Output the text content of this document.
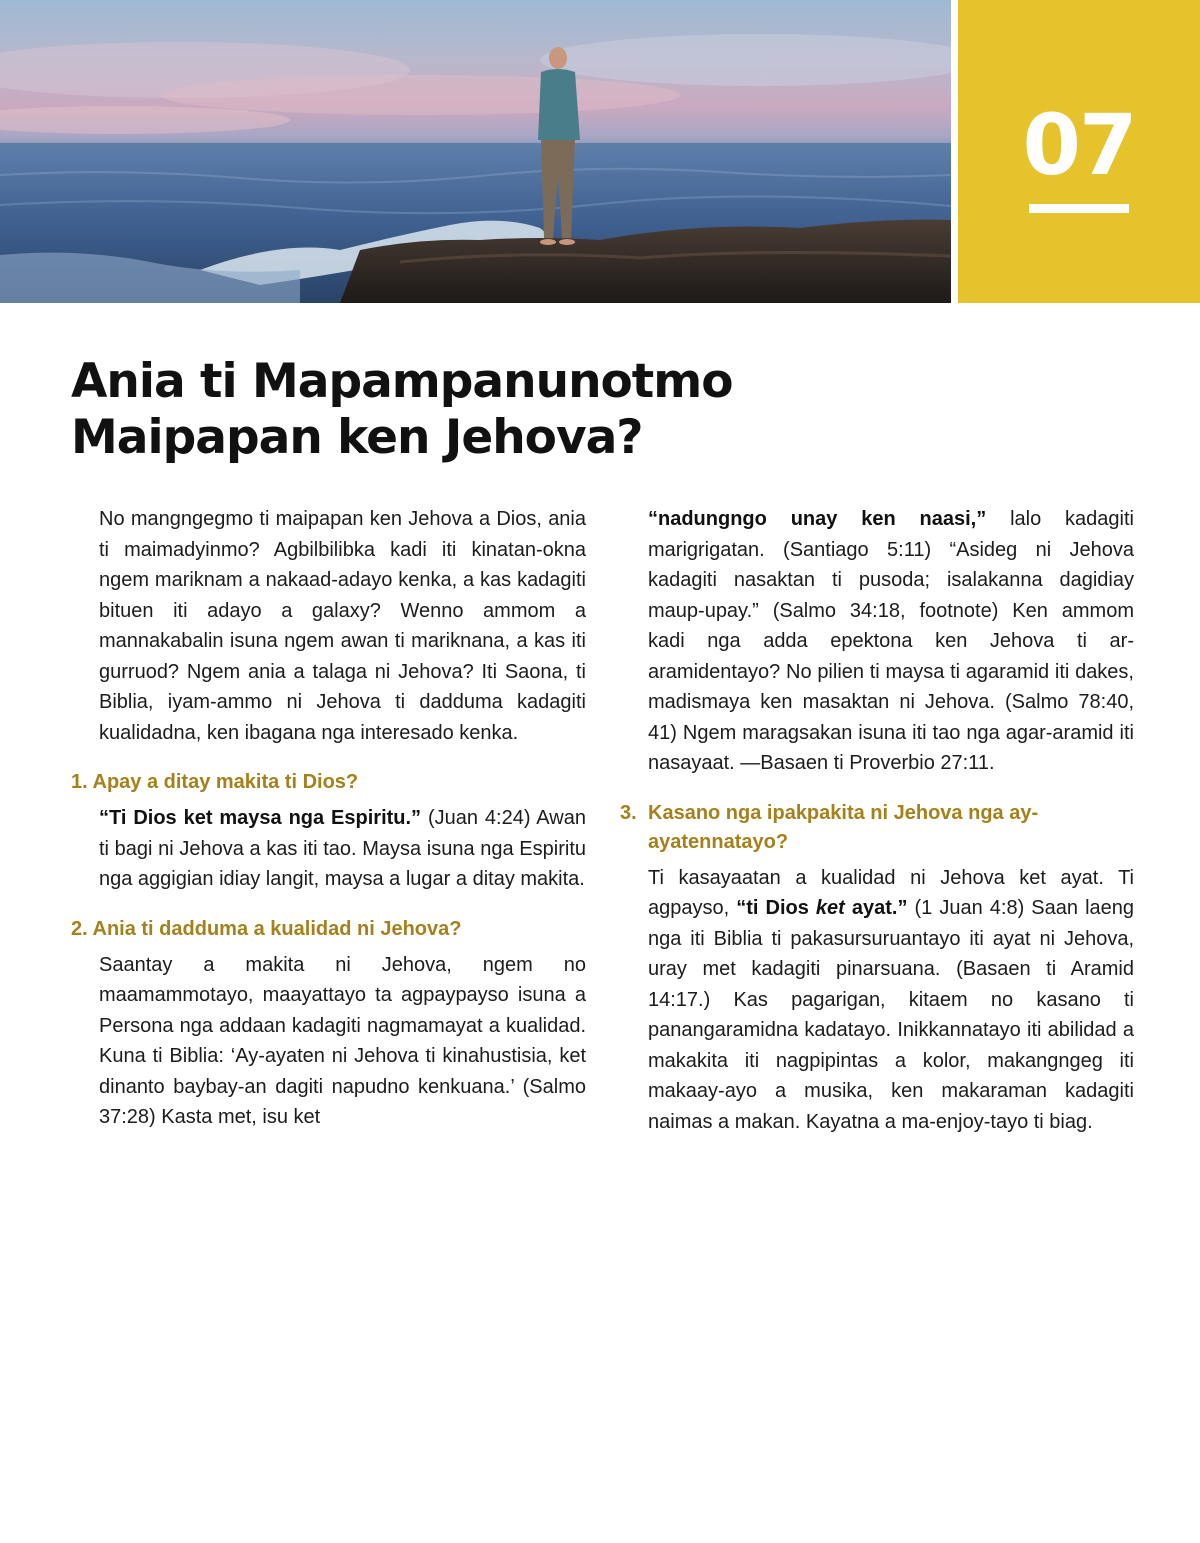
07
Ania ti Mapampanunotmo
Maipapan ken Jehova?

No mangngegmo ti maipapan ken Jehova a Dios, ania ti maimadyinmo? Agbilbilibka kadi iti kinatan-okna ngem mariknam a nakaad-adayo kenka, a kas kadagiti bituen iti adayo a galaxy? Wenno ammom a mannakabalin isuna ngem awan ti mariknana, a kas iti gurruod? Ngem ania a talaga ni Jehova? Iti Saona, ti Biblia, iyam-ammo ni Jehova ti dadduma kadagiti kualidadna, ken ibagana nga interesado kenka.

1. Apay a ditay makita ti Dios?

“Ti Dios ket maysa nga Espiritu.” (Juan 4:24) Awan ti bagi ni Jehova a kas iti tao. Maysa isuna nga Espiritu nga aggigian idiay langit, maysa a lugar a ditay makita.

2. Ania ti dadduma a kualidad ni Jehova?

Saantay a makita ni Jehova, ngem no maamammotayo, maayattayo ta agpaypayso isuna a Persona nga addaan kadagiti nagmamayat a kualidad. Kuna ti Biblia: ‘Ay-ayaten ni Jehova ti kinahustisia, ket dinanto baybay-an dagiti napudno kenkuana.’ (Salmo 37:28) Kasta met, isu ket

“nadungngo unay ken naasi,” lalo kadagiti marigrigatan. (Santiago 5:11) “Asideg ni Jehova kadagiti nasaktan ti pusoda; isalakanna dagidiay maup-upay.” (Salmo 34:18, footnote) Ken ammom kadi nga adda epektona ken Jehova ti ar-aramidentayo? No pilien ti maysa ti agaramid iti dakes, madismaya ken masaktan ni Jehova. (Salmo 78:40, 41) Ngem maragsakan isuna iti tao nga agar-aramid iti nasayaat. —Basaen ti Proverbio 27:11.

3. Kasano nga ipakpakita ni Jehova nga ay-ayatennatayo?

Ti kasayaatan a kualidad ni Jehova ket ayat. Ti agpayso, “ti Dios ket ayat.” (1 Juan 4:8) Saan laeng nga iti Biblia ti pakasursuruantayo iti ayat ni Jehova, uray met kadagiti pinarsuana. (Basaen ti Aramid 14:17.) Kas pagarigan, kitaem no kasano ti panangaramidna kadatayo. Inikkannatayo iti abilidad a makakita iti nagpipintas a kolor, makangngeg iti makaay-ayo a musika, ken makaraman kadagiti naimas a makan. Kayatna a ma-enjoy-tayo ti biag.
